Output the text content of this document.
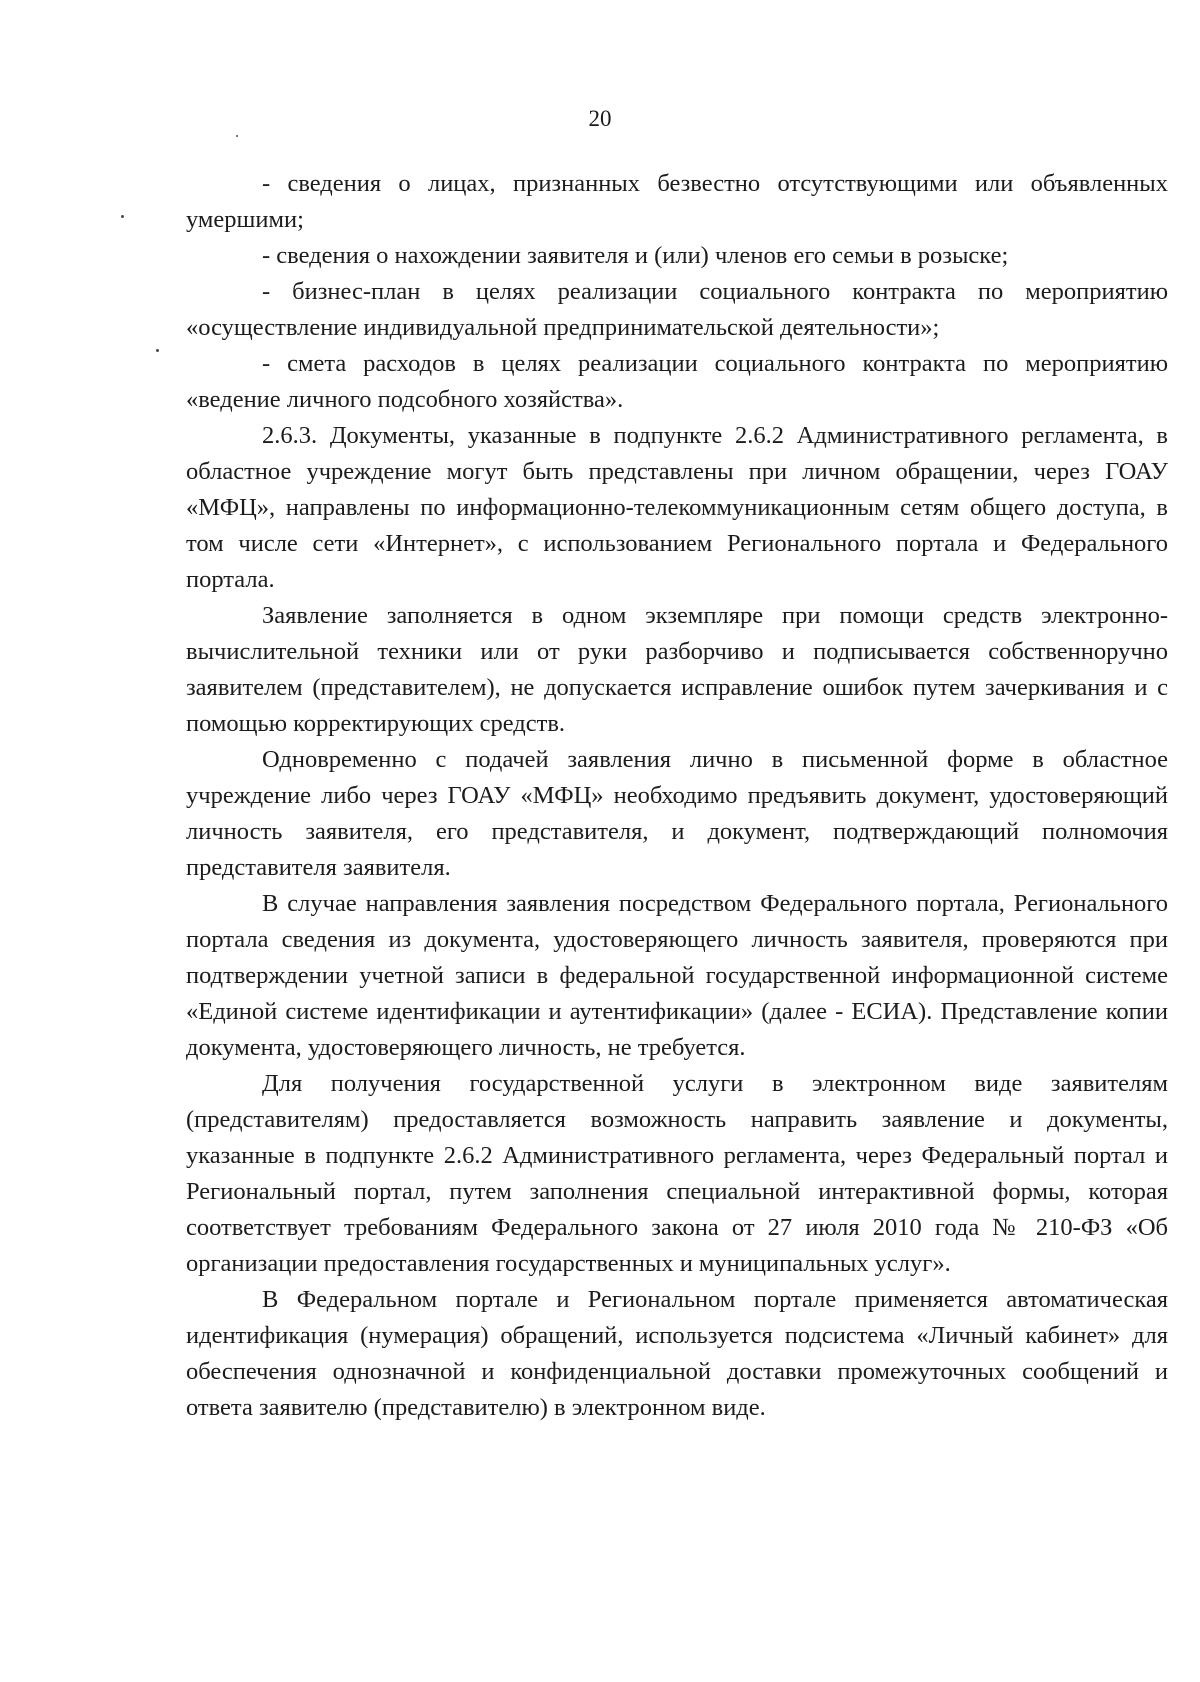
20

- сведения о лицах, признанных безвестно отсутствующими или объявленных умершими;

- сведения о нахождении заявителя и (или) членов его семьи в розыске;

- бизнес-план в целях реализации социального контракта по мероприятию «осуществление индивидуальной предпринимательской деятельности»;

- смета расходов в целях реализации социального контракта по мероприятию «ведение личного подсобного хозяйства».

2.6.3. Документы, указанные в подпункте 2.6.2 Административного регламента, в областное учреждение могут быть представлены при личном обращении, через ГОАУ «МФЦ», направлены по информационно-телекоммуникационным сетям общего доступа, в том числе сети «Интернет», с использованием Регионального портала и Федерального портала.

Заявление заполняется в одном экземпляре при помощи средств электронно-вычислительной техники или от руки разборчиво и подписывается собственноручно заявителем (представителем), не допускается исправление ошибок путем зачеркивания и с помощью корректирующих средств.

Одновременно с подачей заявления лично в письменной форме в областное учреждение либо через ГОАУ «МФЦ» необходимо предъявить документ, удостоверяющий личность заявителя, его представителя, и документ, подтверждающий полномочия представителя заявителя.

В случае направления заявления посредством Федерального портала, Регионального портала сведения из документа, удостоверяющего личность заявителя, проверяются при подтверждении учетной записи в федеральной государственной информационной системе «Единой системе идентификации и аутентификации» (далее - ЕСИА). Представление копии документа, удостоверяющего личность, не требуется.

Для получения государственной услуги в электронном виде заявителям (представителям) предоставляется возможность направить заявление и документы, указанные в подпункте 2.6.2 Административного регламента, через Федеральный портал и Региональный портал, путем заполнения специальной интерактивной формы, которая соответствует требованиям Федерального закона от 27 июля 2010 года № 210-ФЗ «Об организации предоставления государственных и муниципальных услуг».

В Федеральном портале и Региональном портале применяется автоматическая идентификация (нумерация) обращений, используется подсистема «Личный кабинет» для обеспечения однозначной и конфиденциальной доставки промежуточных сообщений и ответа заявителю (представителю) в электронном виде.
